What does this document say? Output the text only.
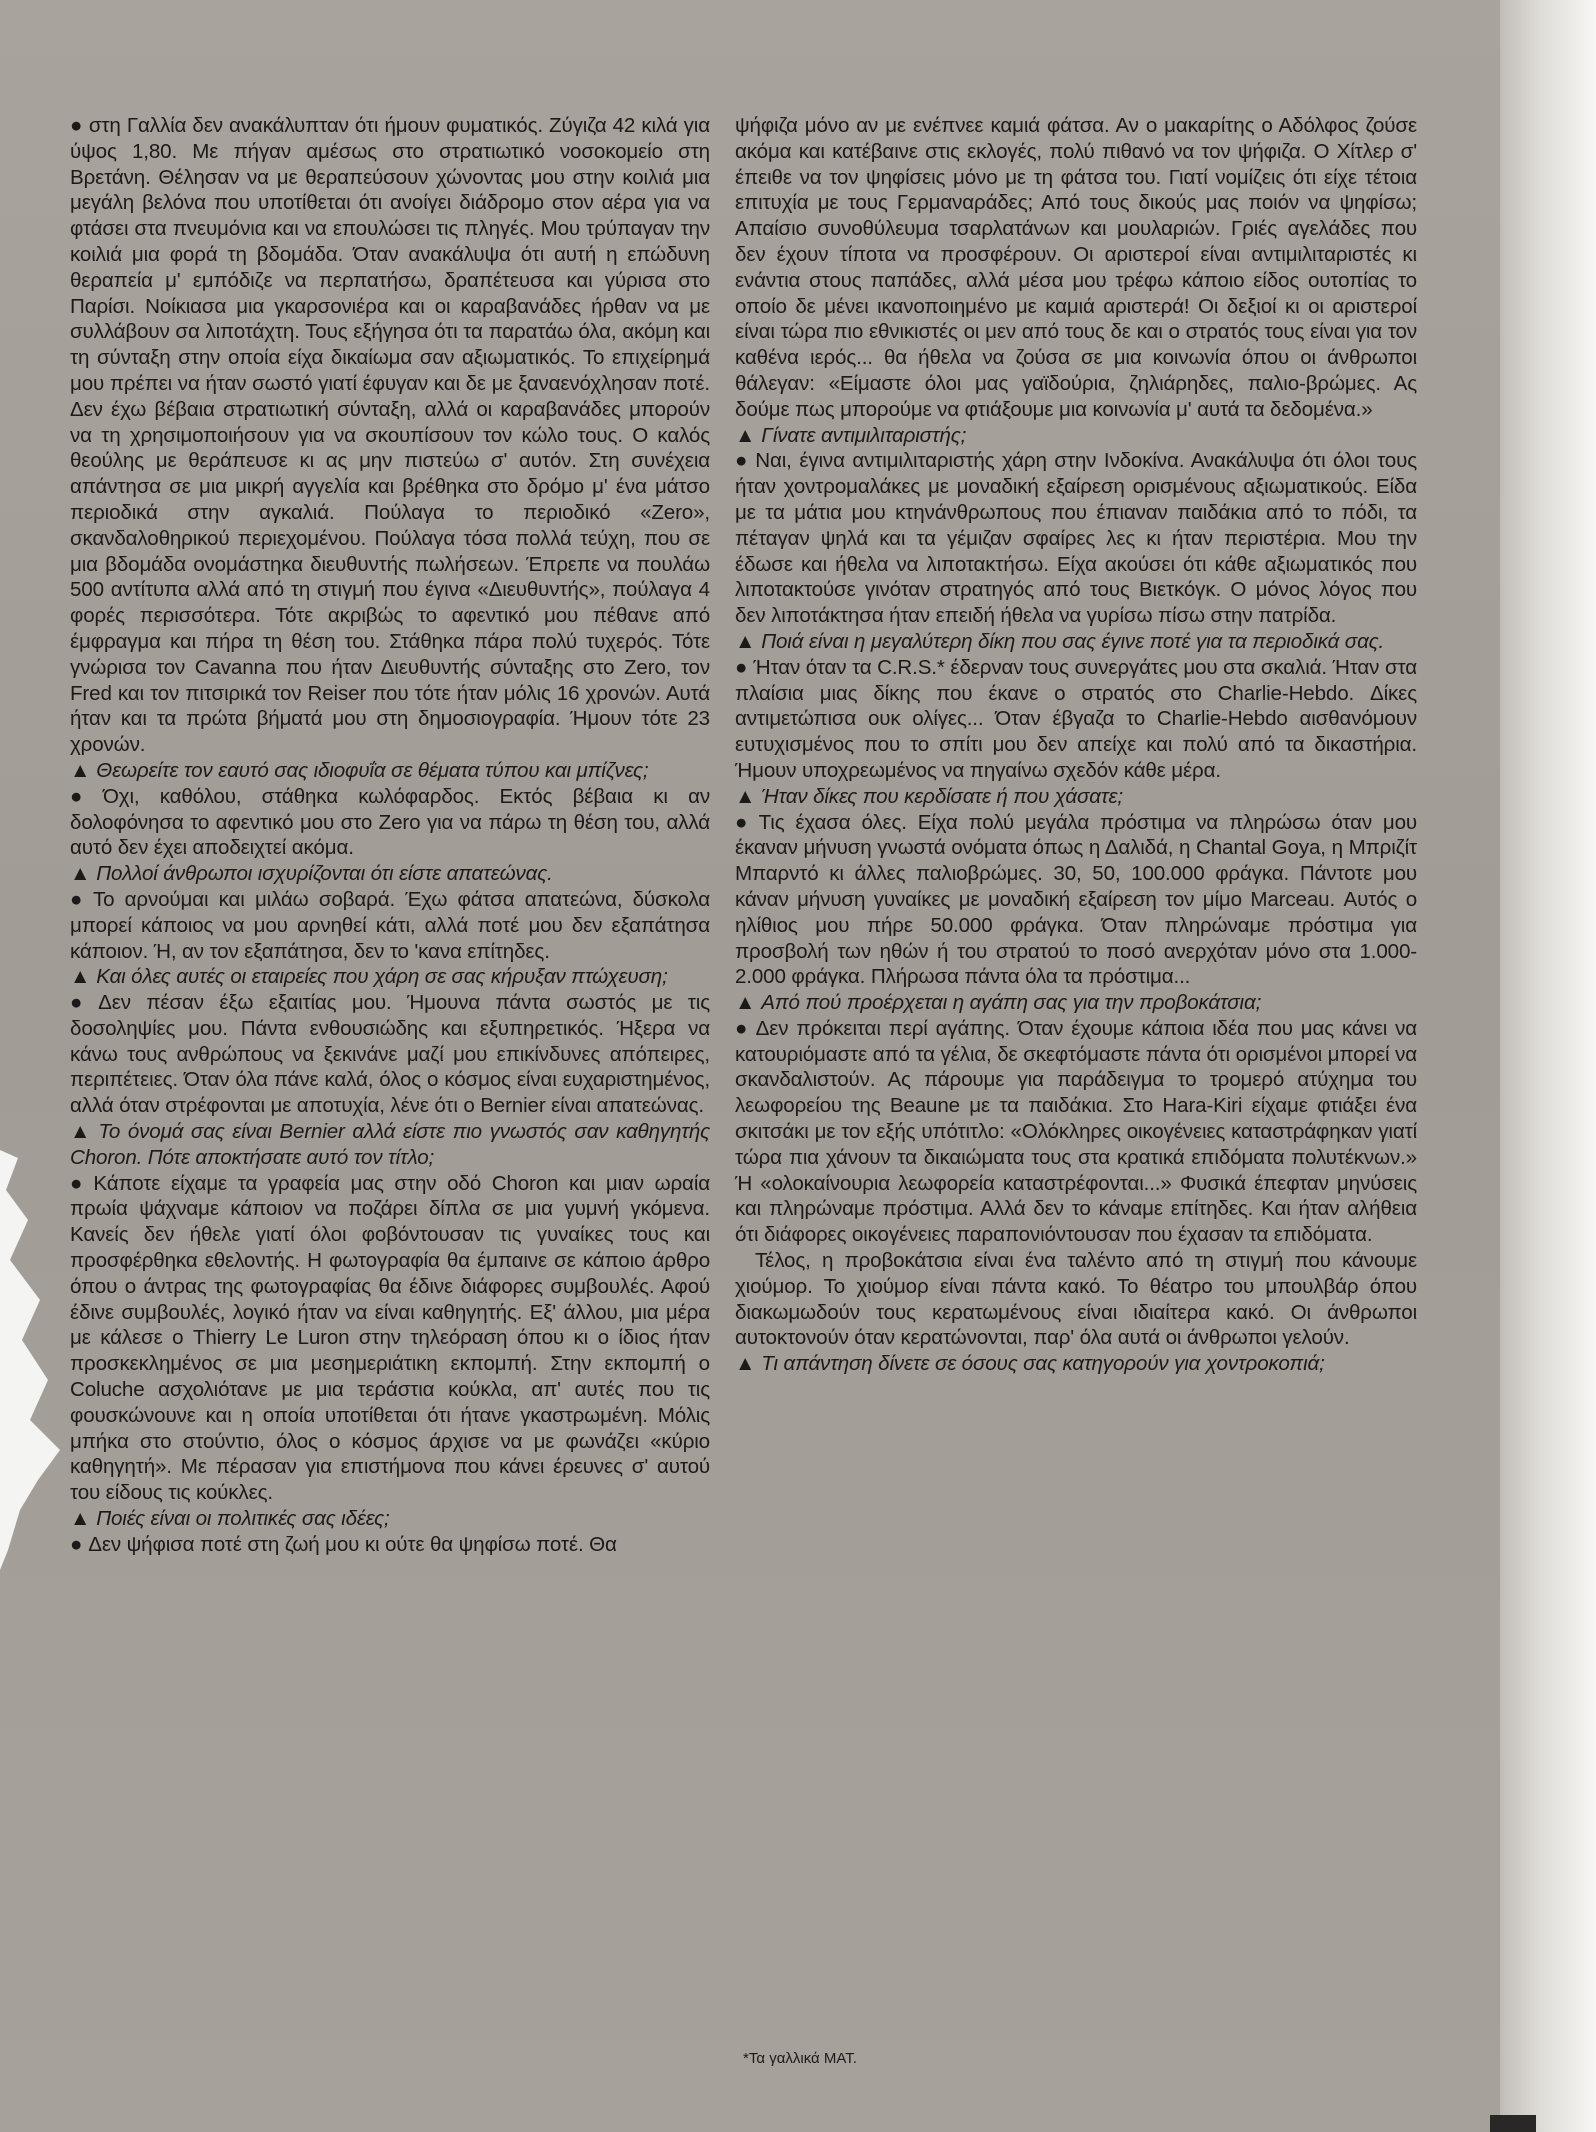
● στη Γαλλία δεν ανακάλυπταν ότι ήμουν φυματικός. Ζύγιζα 42 κιλά για ύψος 1,80. Με πήγαν αμέσως στο στρατιωτικό νοσοκομείο στη Βρετάνη. Θέλησαν να με θεραπεύσουν χώνοντας μου στην κοιλιά μια μεγάλη βελόνα που υποτίθεται ότι ανοίγει διάδρομο στον αέρα για να φτάσει στα πνευμόνια και να επουλώσει τις πληγές. Μου τρύπαγαν την κοιλιά μια φορά τη βδομάδα. Όταν ανακάλυψα ότι αυτή η επώδυνη θεραπεία μ' εμπόδιζε να περπατήσω, δραπέτευσα και γύρισα στο Παρίσι. Νοίκιασα μια γκαρσονιέρα και οι καραβανάδες ήρθαν να με συλλάβουν σα λιποτάχτη. Τους εξήγησα ότι τα παρατάω όλα, ακόμη και τη σύνταξη στην οποία είχα δικαίωμα σαν αξιωματικός. Το επιχείρημά μου πρέπει να ήταν σωστό γιατί έφυγαν και δε με ξαναενόχλησαν ποτέ. Δεν έχω βέβαια στρατιωτική σύνταξη, αλλά οι καραβανάδες μπορούν να τη χρησιμοποιήσουν για να σκουπίσουν τον κώλο τους. Ο καλός θεούλης με θεράπευσε κι ας μην πιστεύω σ' αυτόν. Στη συνέχεια απάντησα σε μια μικρή αγγελία και βρέθηκα στο δρόμο μ' ένα μάτσο περιοδικά στην αγκαλιά. Πούλαγα το περιοδικό «Zero», σκανδαλοθηρικού περιεχομένου. Πούλαγα τόσα πολλά τεύχη, που σε μια βδομάδα ονομάστηκα διευθυντής πωλήσεων. Έπρεπε να πουλάω 500 αντίτυπα αλλά από τη στιγμή που έγινα «Διευθυντής», πούλαγα 4 φορές περισσότερα. Τότε ακριβώς το αφεντικό μου πέθανε από έμφραγμα και πήρα τη θέση του. Στάθηκα πάρα πολύ τυχερός. Τότε γνώρισα τον Cavanna που ήταν Διευθυντής σύνταξης στο Zero, τον Fred και τον πιτσιρικά τον Reiser που τότε ήταν μόλις 16 χρονών. Αυτά ήταν και τα πρώτα βήματά μου στη δημοσιογραφία. Ήμουν τότε 23 χρονών.

▲ Θεωρείτε τον εαυτό σας ιδιοφυΐα σε θέματα τύπου και μπίζνες;

● Όχι, καθόλου, στάθηκα κωλόφαρδος. Εκτός βέβαια κι αν δολοφόνησα το αφεντικό μου στο Zero για να πάρω τη θέση του, αλλά αυτό δεν έχει αποδειχτεί ακόμα.

▲ Πολλοί άνθρωποι ισχυρίζονται ότι είστε απατεώνας.

● Το αρνούμαι και μιλάω σοβαρά. Έχω φάτσα απατεώνα, δύσκολα μπορεί κάποιος να μου αρνηθεί κάτι, αλλά ποτέ μου δεν εξαπάτησα κάποιον. Ή, αν τον εξαπάτησα, δεν το 'κανα επίτηδες.

▲ Και όλες αυτές οι εταιρείες που χάρη σε σας κήρυξαν πτώχευση;

● Δεν πέσαν έξω εξαιτίας μου. Ήμουνα πάντα σωστός με τις δοσοληψίες μου. Πάντα ενθουσιώδης και εξυπηρετικός. Ήξερα να κάνω τους ανθρώπους να ξεκινάνε μαζί μου επικίνδυνες απόπειρες, περιπέτειες. Όταν όλα πάνε καλά, όλος ο κόσμος είναι ευχαριστημένος, αλλά όταν στρέφονται με αποτυχία, λένε ότι ο Bernier είναι απατεώνας.

▲ Το όνομά σας είναι Bernier αλλά είστε πιο γνωστός σαν καθηγητής Choron. Πότε αποκτήσατε αυτό τον τίτλο;

● Κάποτε είχαμε τα γραφεία μας στην οδό Choron και μιαν ωραία πρωία ψάχναμε κάποιον να ποζάρει δίπλα σε μια γυμνή γκόμενα. Κανείς δεν ήθελε γιατί όλοι φοβόντουσαν τις γυναίκες τους και προσφέρθηκα εθελοντής. Η φωτογραφία θα έμπαινε σε κάποιο άρθρο όπου ο άντρας της φωτογραφίας θα έδινε διάφορες συμβουλές. Αφού έδινε συμβουλές, λογικό ήταν να είναι καθηγητής. Εξ' άλλου, μια μέρα με κάλεσε ο Thierry Le Luron στην τηλεόραση όπου κι ο ίδιος ήταν προσκεκλημένος σε μια μεσημεριάτικη εκπομπή. Στην εκπομπή ο Coluche ασχολιότανε με μια τεράστια κούκλα, απ' αυτές που τις φουσκώνουνε και η οποία υποτίθεται ότι ήτανε γκαστρωμένη. Μόλις μπήκα στο στούντιο, όλος ο κόσμος άρχισε να με φωνάζει «κύριο καθηγητή». Με πέρασαν για επιστήμονα που κάνει έρευνες σ' αυτού του είδους τις κούκλες.

▲ Ποιές είναι οι πολιτικές σας ιδέες;

● Δεν ψήφισα ποτέ στη ζωή μου κι ούτε θα ψηφίσω ποτέ. Θα

ψήφιζα μόνο αν με ενέπνεε καμιά φάτσα. Αν ο μακαρίτης ο Αδόλφος ζούσε ακόμα και κατέβαινε στις εκλογές, πολύ πιθανό να τον ψήφιζα. Ο Χίτλερ σ' έπειθε να τον ψηφίσεις μόνο με τη φάτσα του. Γιατί νομίζεις ότι είχε τέτοια επιτυχία με τους Γερμαναράδες; Από τους δικούς μας ποιόν να ψηφίσω; Απαίσιο συνοθύλευμα τσαρλατάνων και μουλαριών. Γριές αγελάδες που δεν έχουν τίποτα να προσφέρουν. Οι αριστεροί είναι αντιμιλιταριστές κι ενάντια στους παπάδες, αλλά μέσα μου τρέφω κάποιο είδος ουτοπίας το οποίο δε μένει ικανοποιημένο με καμιά αριστερά! Οι δεξιοί κι οι αριστεροί είναι τώρα πιο εθνικιστές οι μεν από τους δε και ο στρατός τους είναι για τον καθένα ιερός... θα ήθελα να ζούσα σε μια κοινωνία όπου οι άνθρωποι θάλεγαν: «Είμαστε όλοι μας γαϊδούρια, ζηλιάρηδες, παλιο-βρώμες. Ας δούμε πως μπορούμε να φτιάξουμε μια κοινωνία μ' αυτά τα δεδομένα.»

▲ Γίνατε αντιμιλιταριστής;

● Ναι, έγινα αντιμιλιταριστής χάρη στην Ινδοκίνα. Ανακάλυψα ότι όλοι τους ήταν χοντρομαλάκες με μοναδική εξαίρεση ορισμένους αξιωματικούς. Είδα με τα μάτια μου κτηνάνθρωπους που έπιαναν παιδάκια από το πόδι, τα πέταγαν ψηλά και τα γέμιζαν σφαίρες λες κι ήταν περιστέρια. Μου την έδωσε και ήθελα να λιποτακτήσω. Είχα ακούσει ότι κάθε αξιωματικός που λιποτακτούσε γινόταν στρατηγός από τους Βιετκόγκ. Ο μόνος λόγος που δεν λιποτάκτησα ήταν επειδή ήθελα να γυρίσω πίσω στην πατρίδα.

▲ Ποιά είναι η μεγαλύτερη δίκη που σας έγινε ποτέ για τα περιοδικά σας.

● Ήταν όταν τα C.R.S.* έδερναν τους συνεργάτες μου στα σκαλιά. Ήταν στα πλαίσια μιας δίκης που έκανε ο στρατός στο Charlie-Hebdo. Δίκες αντιμετώπισα ουκ ολίγες... Όταν έβγαζα το Charlie-Hebdo αισθανόμουν ευτυχισμένος που το σπίτι μου δεν απείχε και πολύ από τα δικαστήρια. Ήμουν υποχρεωμένος να πηγαίνω σχεδόν κάθε μέρα.

▲ Ήταν δίκες που κερδίσατε ή που χάσατε;

● Τις έχασα όλες. Είχα πολύ μεγάλα πρόστιμα να πληρώσω όταν μου έκαναν μήνυση γνωστά ονόματα όπως η Δαλιδά, η Chantal Goya, η Μπριζίτ Μπαρντό κι άλλες παλιοβρώμες. 30, 50, 100.000 φράγκα. Πάντοτε μου κάναν μήνυση γυναίκες με μοναδική εξαίρεση τον μίμο Marceau. Αυτός ο ηλίθιος μου πήρε 50.000 φράγκα. Όταν πληρώναμε πρόστιμα για προσβολή των ηθών ή του στρατού το ποσό ανερχόταν μόνο στα 1.000-2.000 φράγκα. Πλήρωσα πάντα όλα τα πρόστιμα...

▲ Από πού προέρχεται η αγάπη σας για την προβοκάτσια;

● Δεν πρόκειται περί αγάπης. Όταν έχουμε κάποια ιδέα που μας κάνει να κατουριόμαστε από τα γέλια, δε σκεφτόμαστε πάντα ότι ορισμένοι μπορεί να σκανδαλιστούν. Ας πάρουμε για παράδειγμα το τρομερό ατύχημα του λεωφορείου της Beaune με τα παιδάκια. Στο Hara-Kiri είχαμε φτιάξει ένα σκιτσάκι με τον εξής υπότιτλο: «Ολόκληρες οικογένειες καταστράφηκαν γιατί τώρα πια χάνουν τα δικαιώματα τους στα κρατικά επιδόματα πολυτέκνων.» Ή «ολοκαίνουρια λεωφορεία καταστρέφονται...» Φυσικά έπεφταν μηνύσεις και πληρώναμε πρόστιμα. Αλλά δεν το κάναμε επίτηδες. Και ήταν αλήθεια ότι διάφορες οικογένειες παραπονιόντουσαν που έχασαν τα επιδόματα.

Τέλος, η προβοκάτσια είναι ένα ταλέντο από τη στιγμή που κάνουμε χιούμορ. Το χιούμορ είναι πάντα κακό. Το θέατρο του μπουλβάρ όπου διακωμωδούν τους κερατωμένους είναι ιδιαίτερα κακό. Οι άνθρωποι αυτοκτονούν όταν κερατώνονται, παρ' όλα αυτά οι άνθρωποι γελούν.

▲ Τι απάντηση δίνετε σε όσους σας κατηγορούν για χοντροκοπιά;

*Τα γαλλικά ΜΑΤ.
